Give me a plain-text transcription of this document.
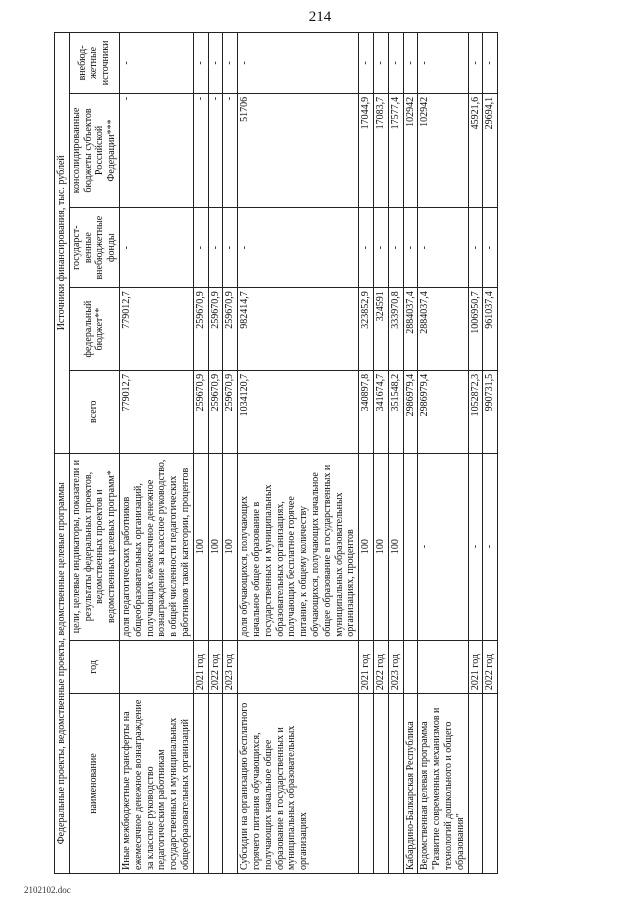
214
Федеральные проекты, ведомственные проекты, ведомственные целевые программы			Источники финансирования, тыс. рублей				
наименование	год	цели, целевые индикаторы, показатели и результаты федеральных проектов, ведомственных проектов и ведомственных целевых программ*	всего	федеральный бюджет**	государст-венные внебюджетные фонды	консолидированные бюджеты субъектов Российской Федерации***	внебюд-жетные источники
Иные межбюджетные трансферты на ежемесячное денежное вознаграждение за классное руководство педагогическим работникам государственных и муниципальных общеобразовательных организаций		доля педагогических работников общеобразовательных организаций, получающих ежемесячное денежное вознаграждение за классное руководство, в общей численности педагогических работников такой категории, процентов	779012,7	779012,7	-	-	-
	2021 год	100	259670,9	259670,9	-	-	-
	2022 год	100	259670,9	259670,9	-	-	-
	2023 год	100	259670,9	259670,9	-	-	-
Субсидии на организацию бесплатного горячего питания обучающихся, получающих начальное общее образование в государственных и муниципальных образовательных организациях		доля обучающихся, получающих начальное общее образование в государственных и муниципальных образовательных организациях, получающих бесплатное горячее питание, к общему количеству обучающихся, получающих начальное общее образование в государственных и муниципальных образовательных организациях, процентов	1034120,7	982414,7	-	51706	-
	2021 год	100	340897,8	323852,9	-	17044,9	-
	2022 год	100	341674,7	324591	-	17083,7	-
	2023 год	100	351548,2	333970,8	-	17577,4	-
Кабардино-Балкарская Республика			2986979,4	2884037,4	-	102942	-
Ведомственная целевая программа "Развитие современных механизмов и технологий дошкольного и общего образования"		-	2986979,4	2884037,4	-	102942	-
	2021 год	-	1052872,3	1006950,7	-	45921,6	-
	2022 год	-	990731,5	961037,4	-	29694,1	-
2102102.doc
